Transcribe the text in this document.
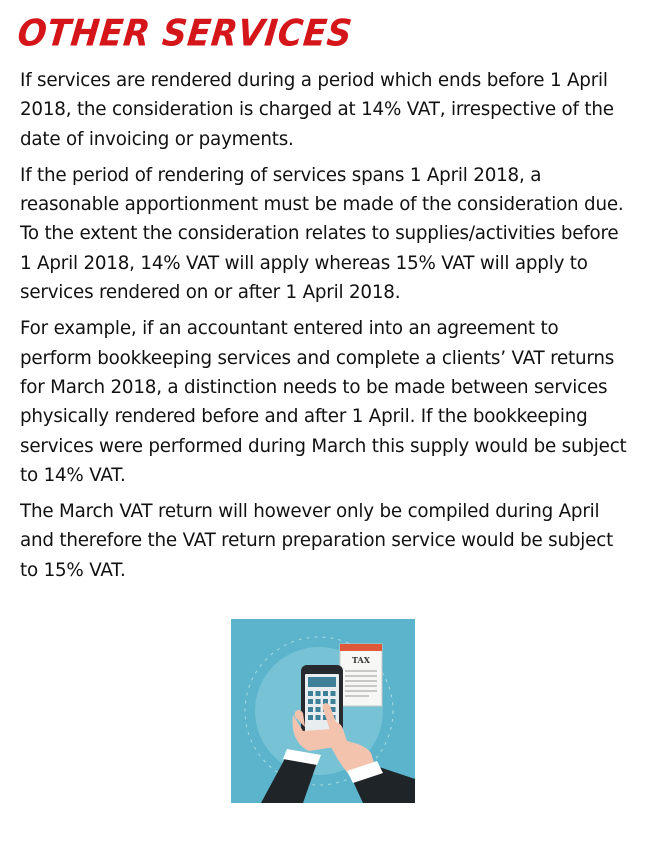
OTHER SERVICES

If services are rendered during a period which ends before 1 April 2018, the consideration is charged at 14% VAT, irrespective of the date of invoicing or payments.

If the period of rendering of services spans 1 April 2018, a reasonable apportionment must be made of the consideration due. To the extent the consideration relates to supplies/activities before 1 April 2018, 14% VAT will apply whereas 15% VAT will apply to services rendered on or after 1 April 2018.

For example, if an accountant entered into an agreement to perform bookkeeping services and complete a clients’ VAT returns for March 2018, a distinction needs to be made between services physically rendered before and after 1 April. If the bookkeeping services were performed during March this supply would be subject to 14% VAT.

The March VAT return will however only be compiled during April and therefore the VAT return preparation service would be subject to 15% VAT.

TAX
